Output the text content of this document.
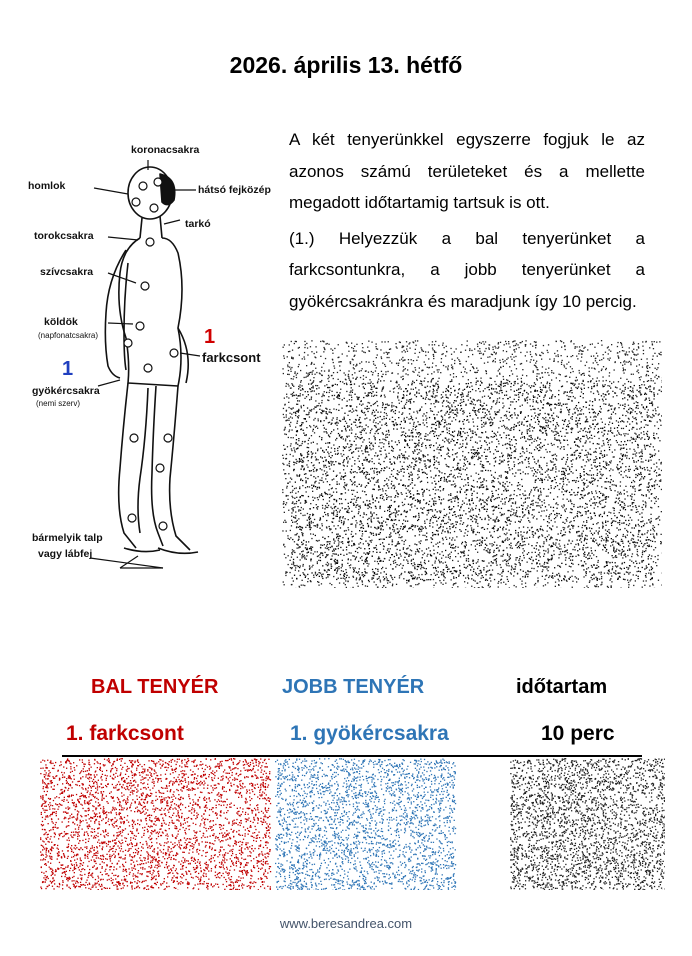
2026. április 13. hétfő
koronacsakra
homlok	hátsó fejközép
tarkó
torokcsakra
szívcsakra
köldök
(napfonatcsakra)
gyökércsakra
(nemi szerv)
farkcsont
bármelyik talp
vagy lábfej
1
1

A két tenyerünkkel egyszerre fogjuk le az azonos számú területeket és a mellette megadott időtartamig tartsuk is ott.

(1.) Helyezzük a bal tenyerünket a farkcsontunkra, a jobb tenyerünket a gyökércsakránkra és maradjunk így 10 percig.

BAL TENYÉR	JOBB TENYÉR	időtartam
1. farkcsont	1. gyökércsakra	10 perc
www.beresandrea.com
